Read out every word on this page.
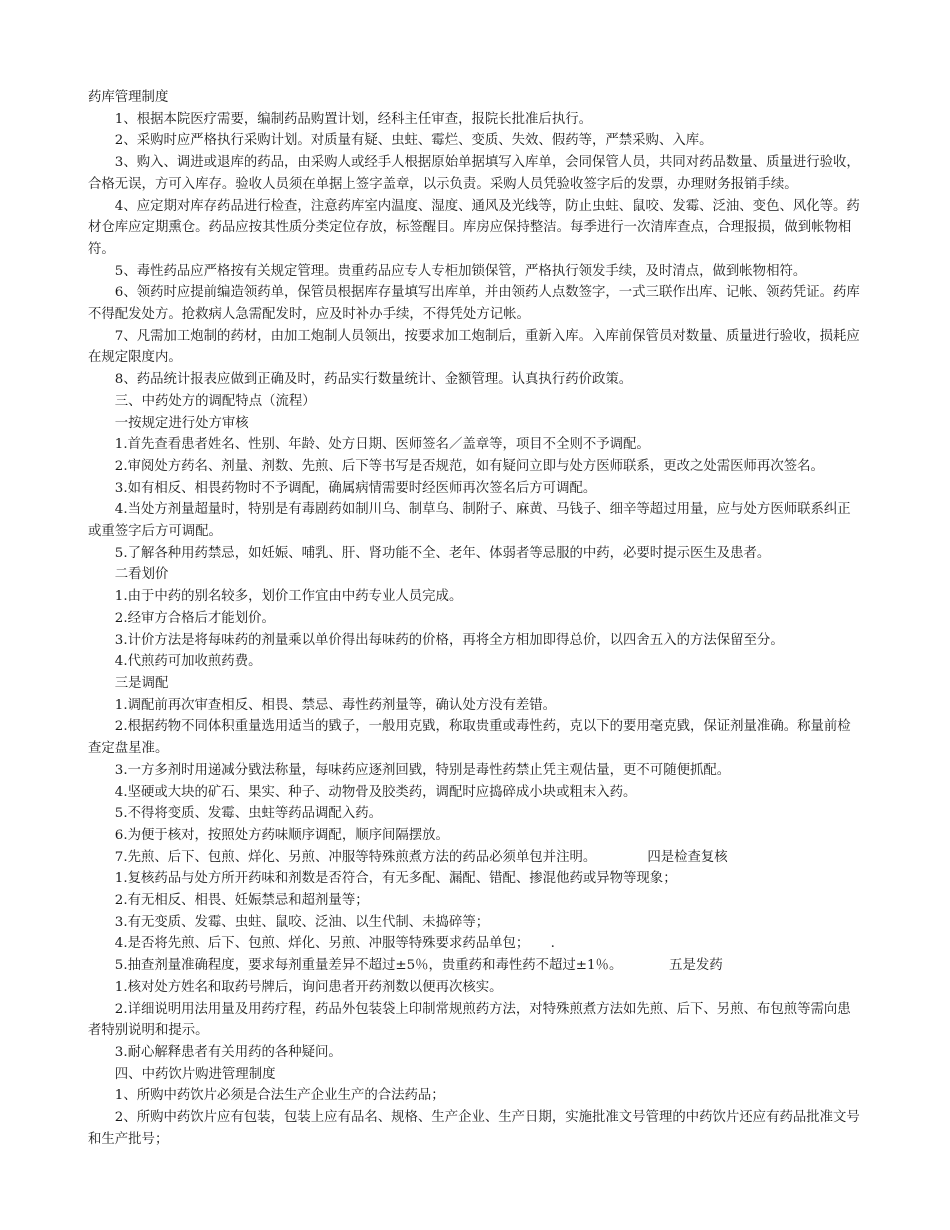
药库管理制度

1、根据本院医疗需要，编制药品购置计划，经科主任审查，报院长批准后执行。

2、采购时应严格执行采购计划。对质量有疑、虫蛀、霉烂、变质、失效、假药等，严禁采购、入库。

3、购入、调进或退库的药品，由采购人或经手人根据原始单据填写入库单，会同保管人员，共同对药品数量、质量进行验收，合格无误，方可入库存。验收人员须在单据上签字盖章，以示负责。采购人员凭验收签字后的发票，办理财务报销手续。

4、应定期对库存药品进行检查，注意药库室内温度、湿度、通风及光线等，防止虫蛀、鼠咬、发霉、泛油、变色、风化等。药材仓库应定期熏仓。药品应按其性质分类定位存放，标签醒目。库房应保持整洁。每季进行一次清库查点，合理报损，做到帐物相符。

5、毒性药品应严格按有关规定管理。贵重药品应专人专柜加锁保管，严格执行领发手续，及时清点，做到帐物相符。

6、领药时应提前编造领药单，保管员根据库存量填写出库单，并由领药人点数签字，一式三联作出库、记帐、领药凭证。药库不得配发处方。抢救病人急需配发时，应及时补办手续，不得凭处方记帐。

7、凡需加工炮制的药材，由加工炮制人员领出，按要求加工炮制后，重新入库。入库前保管员对数量、质量进行验收，损耗应在规定限度内。

8、药品统计报表应做到正确及时，药品实行数量统计、金额管理。认真执行药价政策。

三、中药处方的调配特点（流程）

一按规定进行处方审核

1.首先查看患者姓名、性别、年龄、处方日期、医师签名／盖章等，项目不全则不予调配。

2.审阅处方药名、剂量、剂数、先煎、后下等书写是否规范，如有疑问立即与处方医师联系，更改之处需医师再次签名。

3.如有相反、相畏药物时不予调配，确属病情需要时经医师再次签名后方可调配。

4.当处方剂量超量时，特别是有毒剧药如制川乌、制草乌、制附子、麻黄、马钱子、细辛等超过用量，应与处方医师联系纠正或重签字后方可调配。

5.了解各种用药禁忌，如妊娠、哺乳、肝、肾功能不全、老年、体弱者等忌服的中药，必要时提示医生及患者。

二看划价

1.由于中药的别名较多，划价工作宜由中药专业人员完成。

2.经审方合格后才能划价。

3.计价方法是将每味药的剂量乘以单价得出每味药的价格，再将全方相加即得总价，以四舍五入的方法保留至分。

4.代煎药可加收煎药费。

三是调配

1.调配前再次审查相反、相畏、禁忌、毒性药剂量等，确认处方没有差错。

2.根据药物不同体积重量选用适当的戥子，一般用克戥，称取贵重或毒性药，克以下的要用毫克戥，保证剂量准确。称量前检查定盘星准。

3.一方多剂时用递减分戥法称量，每味药应逐剂回戥，特别是毒性药禁止凭主观估量，更不可随便抓配。

4.坚硬或大块的矿石、果实、种子、动物骨及胶类药，调配时应捣碎成小块或粗末入药。

5.不得将变质、发霉、虫蛀等药品调配入药。

6.为便于核对，按照处方药味顺序调配，顺序间隔摆放。

7.先煎、后下、包煎、烊化、另煎、冲服等特殊煎煮方法的药品必须单包并注明。            四是检查复核

1.复核药品与处方所开药味和剂数是否符合，有无多配、漏配、错配、掺混他药或异物等现象；

2.有无相反、相畏、妊娠禁忌和超剂量等；

3.有无变质、发霉、虫蛀、鼠咬、泛油、以生代制、未捣碎等；

4.是否将先煎、后下、包煎、烊化、另煎、冲服等特殊要求药品单包；     .

5.抽查剂量准确程度，要求每剂重量差异不超过±5％，贵重药和毒性药不超过±1％。           五是发药

1.核对处方姓名和取药号牌后，询问患者开药剂数以便再次核实。

2.详细说明用法用量及用药疗程，药品外包装袋上印制常规煎药方法，对特殊煎煮方法如先煎、后下、另煎、布包煎等需向患者特别说明和提示。

3.耐心解释患者有关用药的各种疑问。

四、中药饮片购进管理制度

1、所购中药饮片必须是合法生产企业生产的合法药品；

2、所购中药饮片应有包装，包装上应有品名、规格、生产企业、生产日期，实施批准文号管理的中药饮片还应有药品批准文号和生产批号；
